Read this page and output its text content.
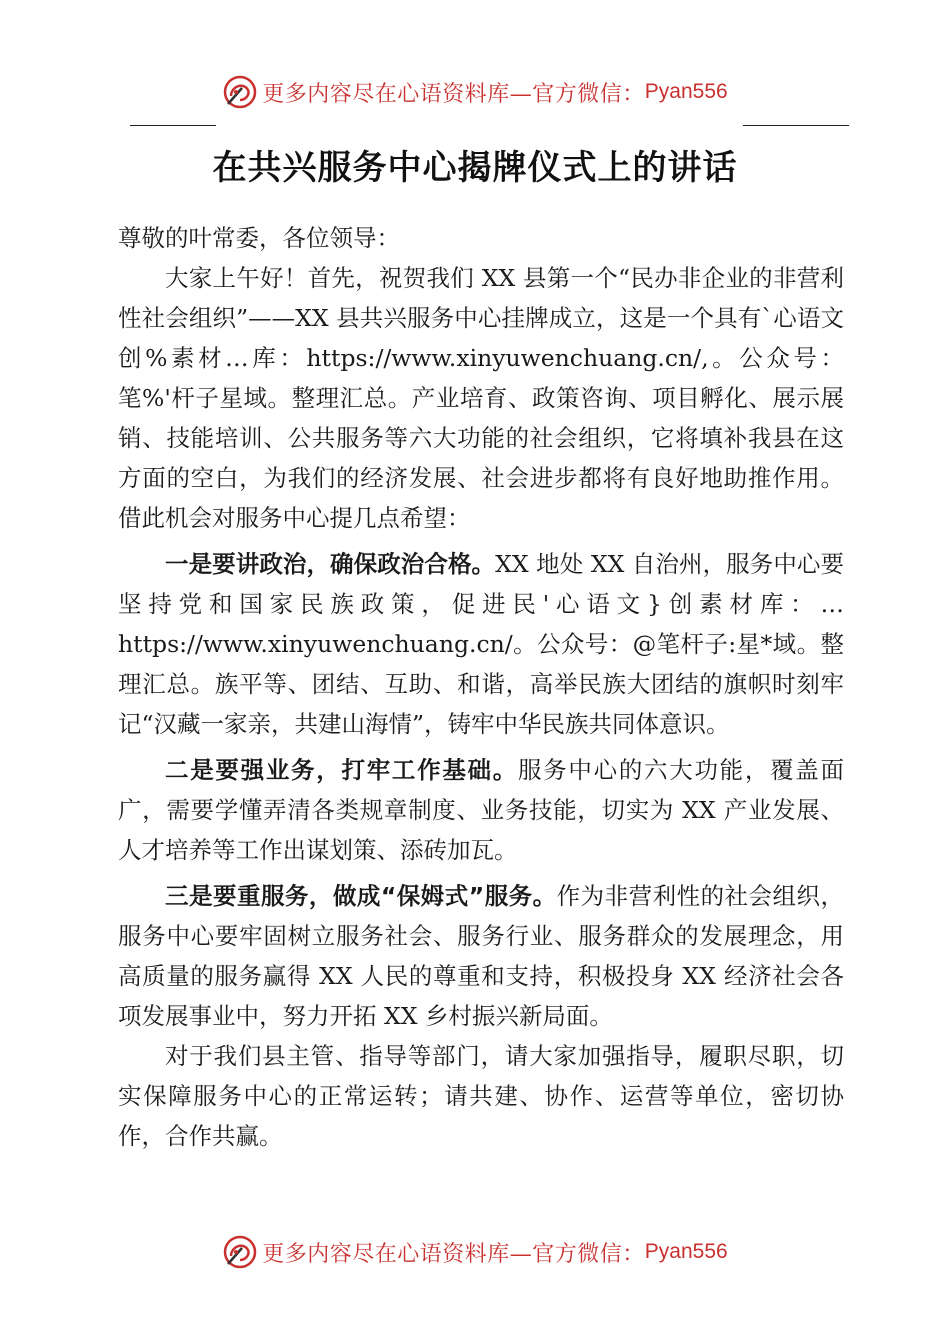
更多内容尽在心语资料库—官方微信： Pyan556
在共兴服务中心揭牌仪式上的讲话

尊敬的叶常委，各位领导：

大家上午好！首先，祝贺我们 XX 县第一个“民办非企业的非营利性社会组织”——XX 县共兴服务中心挂牌成立，这是一个具有`心语文创%素材…库：https://www.xinyuwenchuang.cn/,。公众号：笔%'杆子星域。整理汇总。产业培育、政策咨询、项目孵化、展示展销、技能培训、公共服务等六大功能的社会组织，它将填补我县在这方面的空白，为我们的经济发展、社会进步都将有良好地助推作用。借此机会对服务中心提几点希望：

一是要讲政治，确保政治合格。XX 地处 XX 自治州，服务中心要坚持党和国家民族政策，促进民'心语文}创素材库：…https://www.xinyuwenchuang.cn/。公众号：@笔杆子:星*域。整理汇总。族平等、团结、互助、和谐，高举民族大团结的旗帜时刻牢记“汉藏一家亲，共建山海情”，铸牢中华民族共同体意识。

二是要强业务，打牢工作基础。服务中心的六大功能，覆盖面广，需要学懂弄清各类规章制度、业务技能，切实为 XX 产业发展、人才培养等工作出谋划策、添砖加瓦。

三是要重服务，做成“保姆式”服务。作为非营利性的社会组织，服务中心要牢固树立服务社会、服务行业、服务群众的发展理念，用高质量的服务赢得 XX 人民的尊重和支持，积极投身 XX 经济社会各项发展事业中，努力开拓 XX 乡村振兴新局面。

对于我们县主管、指导等部门，请大家加强指导，履职尽职，切实保障服务中心的正常运转；请共建、协作、运营等单位，密切协作，合作共赢。

更多内容尽在心语资料库—官方微信： Pyan556
